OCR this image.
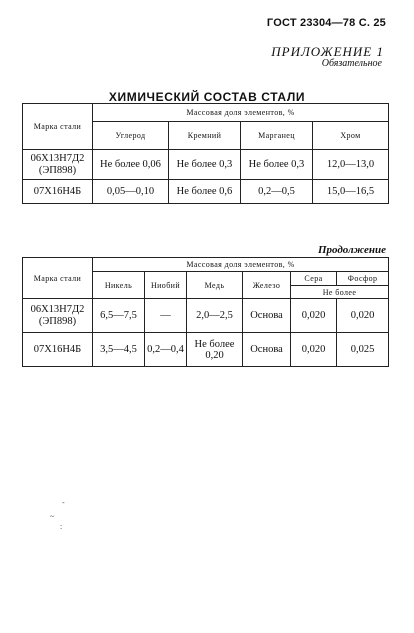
ГОСТ 23304—78 С. 25
ПРИЛОЖЕНИЕ 1
Обязательное
ХИМИЧЕСКИЙ СОСТАВ СТАЛИ
Марка стали	Массовая доля элементов, %			
	Углерод	Кремний	Марганец	Хром

06Х13Н7Д2
(ЭП898)	Не более 0,06	Не более 0,3	Не более 0,3	12,0—13,0

07Х16Н4Б	0,05—0,10	Не более 0,6	0,2—0,5	15,0—16,5
Продолжение
Марка стали	Массовая доля элементов, %					
	Никель	Ниобий	Медь	Железо	Сера	Фосфор
					Не более	

06Х13Н7Д2
(ЭП898)	6,5—7,5	—	2,0—2,5	Основа	0,020	0,020

07Х16Н4Б	3,5—4,5	0,2—0,4	Не более 0,20	Основа	0,020	0,025
-
~
:
